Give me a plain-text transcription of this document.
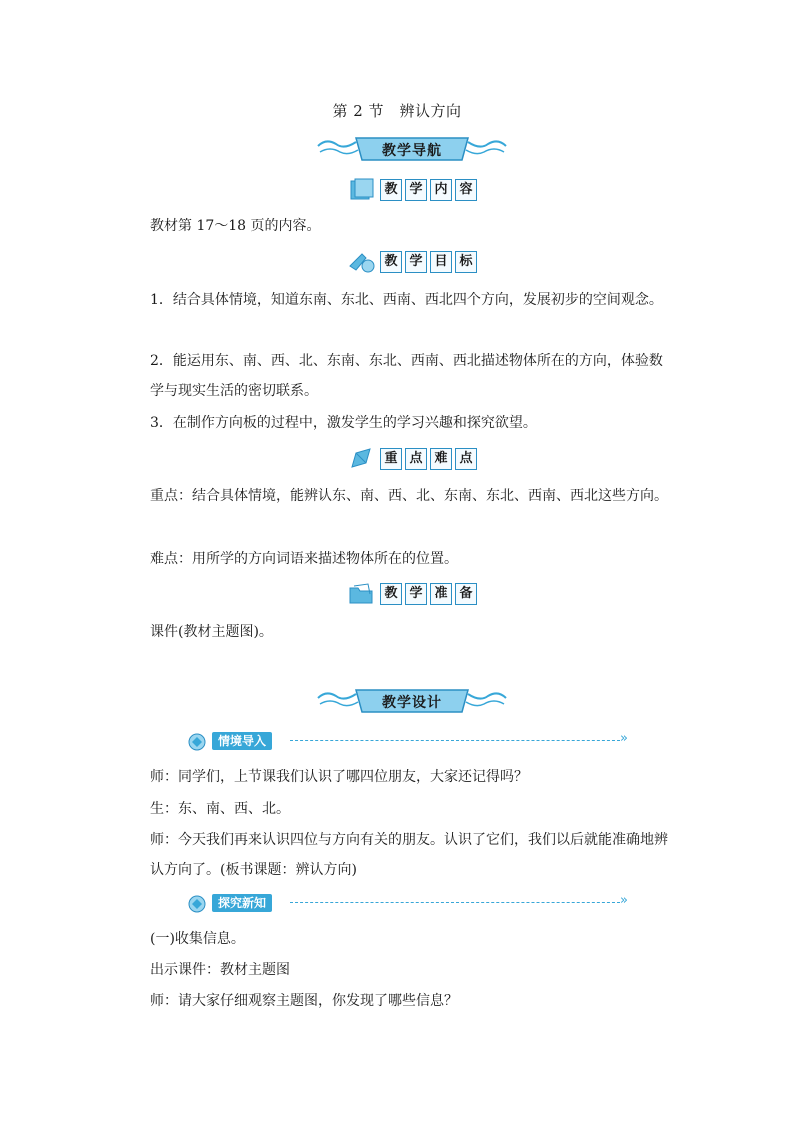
第 2 节　辨认方向
教学导航
教 学 内 容
教材第 17～18 页的内容。
教 学 目 标
1．结合具体情境，知道东南、东北、西南、西北四个方向，发展初步的空间观念。
2．能运用东、南、西、北、东南、东北、西南、西北描述物体所在的方向，体验数学与现实生活的密切联系。
3．在制作方向板的过程中，激发学生的学习兴趣和探究欲望。
重 点 难 点
重点：结合具体情境，能辨认东、南、西、北、东南、东北、西南、西北这些方向。
难点：用所学的方向词语来描述物体所在的位置。
教 学 准 备
课件(教材主题图)。
教学设计
情境导入	»
师：同学们，上节课我们认识了哪四位朋友，大家还记得吗？
生：东、南、西、北。
师：今天我们再来认识四位与方向有关的朋友。认识了它们，我们以后就能准确地辨认方向了。(板书课题：辨认方向)
探究新知	»
(一)收集信息。
出示课件：教材主题图
师：请大家仔细观察主题图，你发现了哪些信息？
